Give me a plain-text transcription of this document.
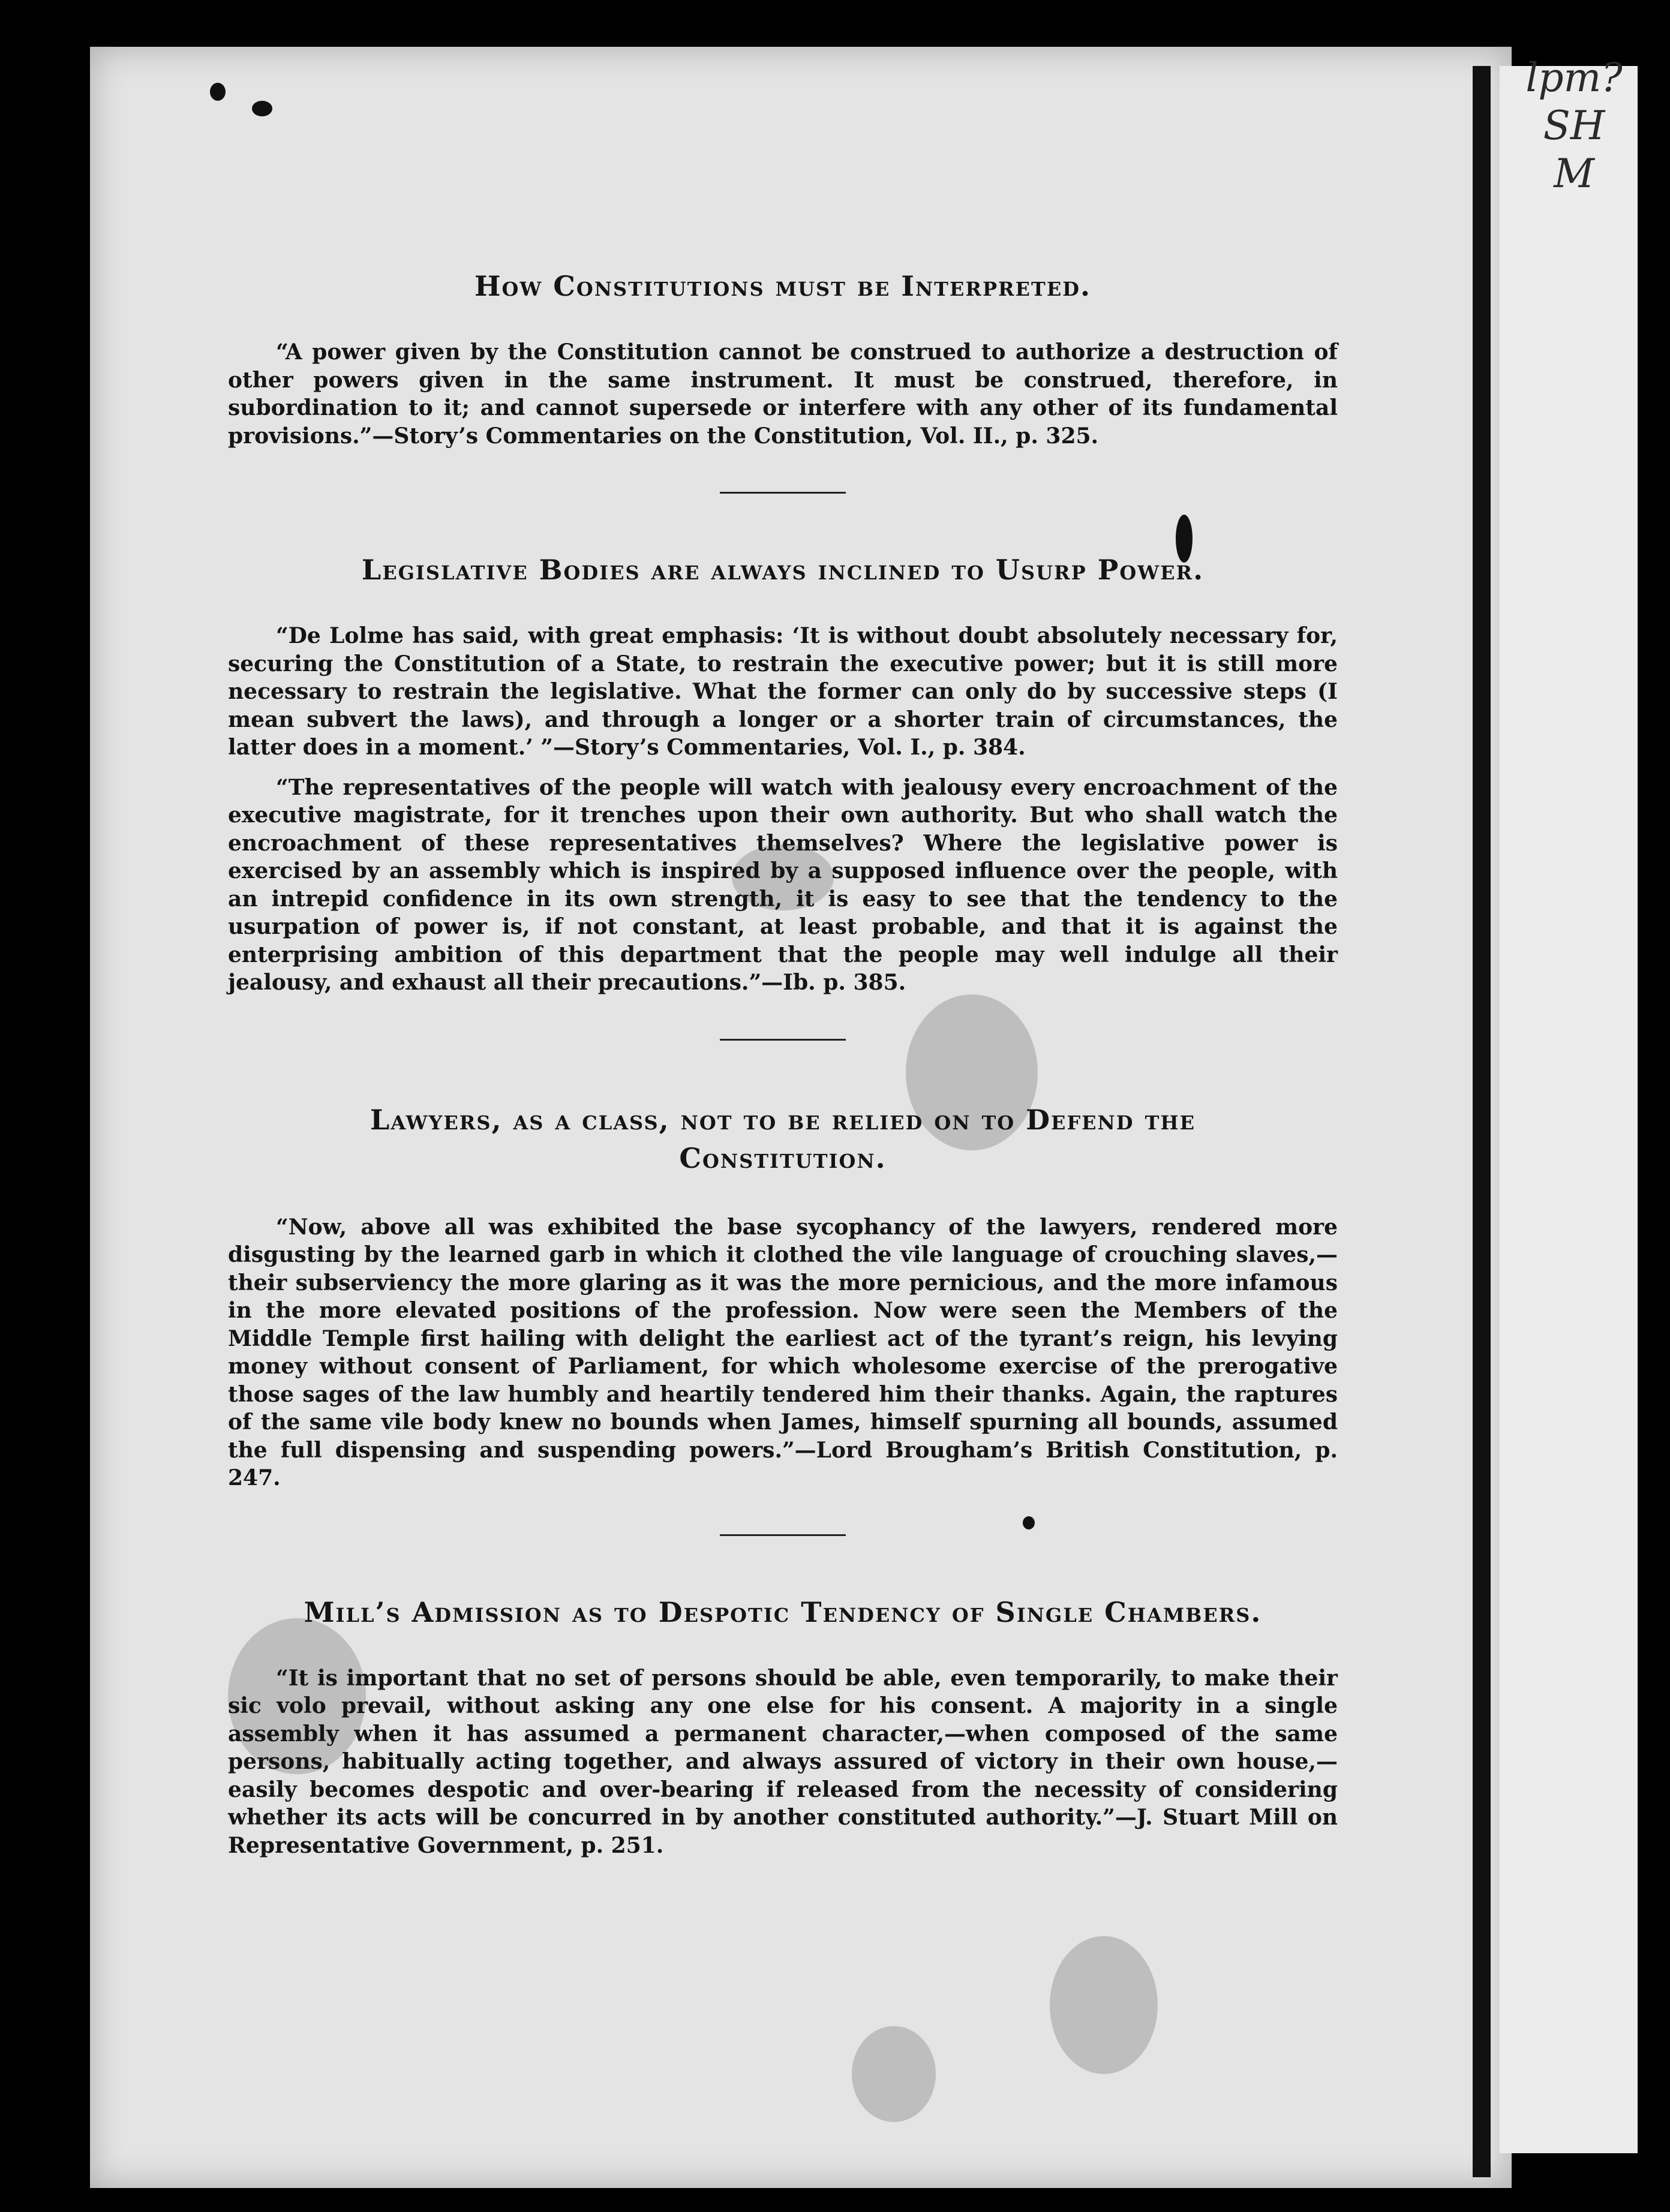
lpm?
SH
M
How Constitutions must be Interpreted.

“A power given by the Constitution cannot be construed to authorize a destruction of other powers given in the same instrument. It must be construed, therefore, in subordination to it; and cannot supersede or interfere with any other of its fundamental provisions.”—Story’s Commentaries on the Constitution, Vol. II., p. 325.

Legislative Bodies are always inclined to Usurp Power.

“De Lolme has said, with great emphasis: ‘It is without doubt absolutely necessary for, securing the Constitution of a State, to restrain the executive power; but it is still more necessary to restrain the legislative. What the former can only do by successive steps (I mean subvert the laws), and through a longer or a shorter train of circumstances, the latter does in a moment.’ ”—Story’s Commentaries, Vol. I., p. 384.

“The representatives of the people will watch with jealousy every encroachment of the executive magistrate, for it trenches upon their own authority. But who shall watch the encroachment of these representatives themselves? Where the legislative power is exercised by an assembly which is inspired by a supposed influence over the people, with an intrepid confidence in its own strength, it is easy to see that the tendency to the usurpation of power is, if not constant, at least probable, and that it is against the enterprising ambition of this department that the people may well indulge all their jealousy, and exhaust all their precautions.”—Ib. p. 385.

Lawyers, as a class, not to be relied on to Defend the Constitution.

“Now, above all was exhibited the base sycophancy of the lawyers, rendered more disgusting by the learned garb in which it clothed the vile language of crouching slaves,—their subserviency the more glaring as it was the more pernicious, and the more infamous in the more elevated positions of the profession. Now were seen the Members of the Middle Temple first hailing with delight the earliest act of the tyrant’s reign, his levying money without consent of Parliament, for which wholesome exercise of the prerogative those sages of the law humbly and heartily tendered him their thanks. Again, the raptures of the same vile body knew no bounds when James, himself spurning all bounds, assumed the full dispensing and suspending powers.”—Lord Brougham’s British Constitution, p. 247.

Mill’s Admission as to Despotic Tendency of Single Chambers.

“It is important that no set of persons should be able, even temporarily, to make their sic volo prevail, without asking any one else for his consent. A majority in a single assembly when it has assumed a permanent character,—when composed of the same persons, habitually acting together, and always assured of victory in their own house,—easily becomes despotic and over-bearing if released from the necessity of considering whether its acts will be concurred in by another constituted authority.”—J. Stuart Mill on Representative Government, p. 251.
